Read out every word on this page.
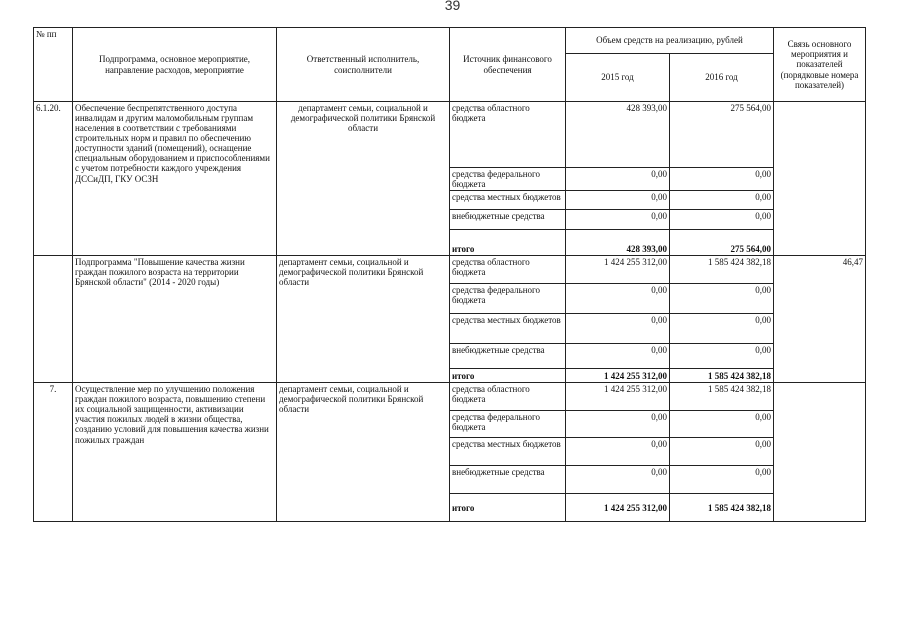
39
№ пп	Подпрограмма, основное мероприятие, направление расходов, мероприятие	Ответственный исполнитель, соисполнители	Источник финансового обеспечения	Объем средств на реализацию, рублей		Связь основного мероприятия и показателей (порядковые номера показателей)
				2015 год	2016 год	
6.1.20.	Обеспечение беспрепятственного доступа инвалидам и другим маломобильным группам населения в соответствии с требованиями строительных норм и правил по обеспечению доступности зданий (помещений), оснащение специальным оборудованием и приспособлениями с учетом потребности каждого учреждения ДССиДП, ГКУ ОСЗН	департамент семьи, социальной и демографической политики Брянской области	средства областного бюджета	428 393,00	275 564,00	
			средства федерального бюджета	0,00	0,00	
			средства местных бюджетов	0,00	0,00	
			внебюджетные средства	0,00	0,00	
			итого	428 393,00	275 564,00	
	Подпрограмма "Повышение качества жизни граждан пожилого возраста на территории Брянской области" (2014 - 2020 годы)	департамент семьи, социальной и демографической политики Брянской области	средства областного бюджета	1 424 255 312,00	1 585 424 382,18	46,47
			средства федерального бюджета	0,00	0,00	
			средства местных бюджетов	0,00	0,00	
			внебюджетные средства	0,00	0,00	
			итого	1 424 255 312,00	1 585 424 382,18	
7.	Осуществление мер по улучшению положения граждан пожилого возраста, повышению степени их социальной защищенности, активизации участия пожилых людей в жизни общества, созданию условий для повышения качества жизни пожилых граждан	департамент семьи, социальной и демографической политики Брянской области	средства областного бюджета	1 424 255 312,00	1 585 424 382,18	
			средства федерального бюджета	0,00	0,00	
			средства местных бюджетов	0,00	0,00	
			внебюджетные средства	0,00	0,00	
			итого	1 424 255 312,00	1 585 424 382,18	
